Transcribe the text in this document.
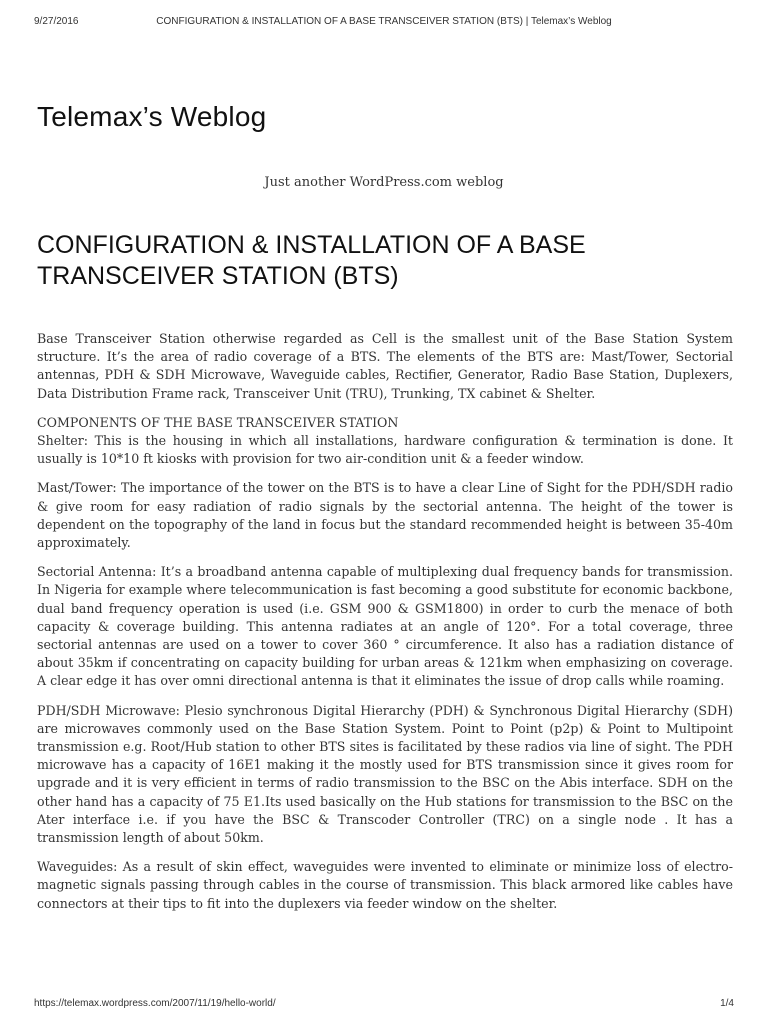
9/27/2016	CONFIGURATION & INSTALLATION OF A BASE TRANSCEIVER STATION (BTS) | Telemax’s Weblog
Telemax’s Weblog
Just another WordPress.com weblog
CONFIGURATION & INSTALLATION OF A BASE TRANSCEIVER STATION (BTS)

Base Transceiver Station otherwise regarded as Cell is the smallest unit of the Base Station System structure. It’s the area of radio coverage of a BTS. The elements of the BTS are: Mast/Tower, Sectorial antennas, PDH & SDH Microwave, Waveguide cables, Rectifier, Generator, Radio Base Station, Duplexers, Data Distribution Frame rack, Transceiver Unit (TRU), Trunking, TX cabinet & Shelter.

COMPONENTS OF THE BASE TRANSCEIVER STATION

Shelter: This is the housing in which all installations, hardware configuration & termination is done. It usually is 10*10 ft kiosks with provision for two air-condition unit & a feeder window.

Mast/Tower: The importance of the tower on the BTS is to have a clear Line of Sight for the PDH/SDH radio & give room for easy radiation of radio signals by the sectorial antenna. The height of the tower is dependent on the topography of the land in focus but the standard recommended height is between 35-40m approximately.

Sectorial Antenna: It’s a broadband antenna capable of multiplexing dual frequency bands for transmission. In Nigeria for example where telecommunication is fast becoming a good substitute for economic backbone, dual band frequency operation is used (i.e. GSM 900 & GSM1800) in order to curb the menace of both capacity & coverage building. This antenna radiates at an angle of 120°. For a total coverage, three sectorial antennas are used on a tower to cover 360 ° circumference. It also has a radiation distance of about 35km if concentrating on capacity building for urban areas & 121km when emphasizing on coverage. A clear edge it has over omni directional antenna is that it eliminates the issue of drop calls while roaming.

PDH/SDH Microwave: Plesio synchronous Digital Hierarchy (PDH) & Synchronous Digital Hierarchy (SDH) are microwaves commonly used on the Base Station System. Point to Point (p2p) & Point to Multipoint transmission e.g. Root/Hub station to other BTS sites is facilitated by these radios via line of sight. The PDH microwave has a capacity of 16E1 making it the mostly used for BTS transmission since it gives room for upgrade and it is very efficient in terms of radio transmission to the BSC on the Abis interface. SDH on the other hand has a capacity of 75 E1.Its used basically on the Hub stations for transmission to the BSC on the Ater interface i.e. if you have the BSC & Transcoder Controller (TRC) on a single node . It has a transmission length of about 50km.

Waveguides: As a result of skin effect, waveguides were invented to eliminate or minimize loss of electro-magnetic signals passing through cables in the course of transmission. This black armored like cables have connectors at their tips to fit into the duplexers via feeder window on the shelter.

https://telemax.wordpress.com/2007/11/19/hello-world/	1/4
